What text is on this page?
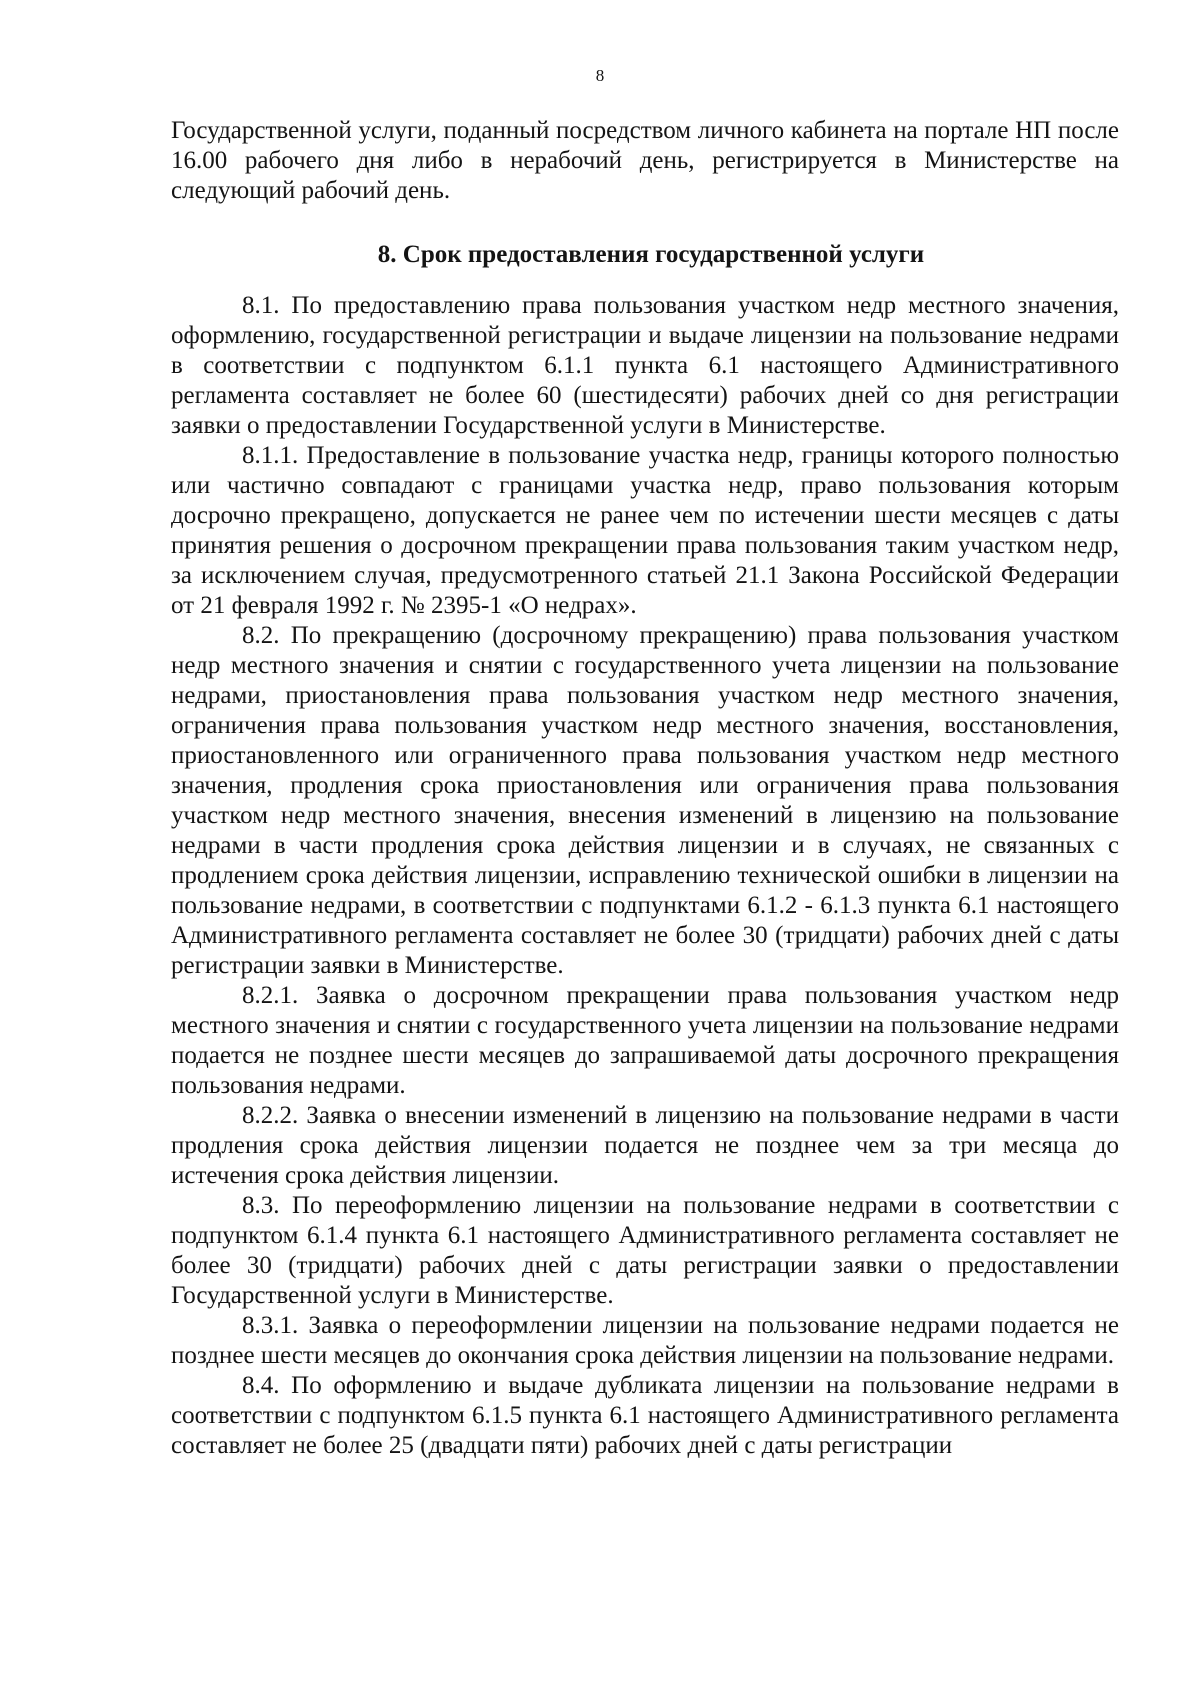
8

Государственной услуги, поданный посредством личного кабинета на портале НП после 16.00 рабочего дня либо в нерабочий день, регистрируется в Министерстве на следующий рабочий день.

8. Срок предоставления государственной услуги

8.1. По предоставлению права пользования участком недр местного значения, оформлению, государственной регистрации и выдаче лицензии на пользование недрами в соответствии с подпунктом 6.1.1 пункта 6.1 настоящего Административного регламента составляет не более 60 (шестидесяти) рабочих дней со дня регистрации заявки о предоставлении Государственной услуги в Министерстве.

8.1.1. Предоставление в пользование участка недр, границы которого полностью или частично совпадают с границами участка недр, право пользования которым досрочно прекращено, допускается не ранее чем по истечении шести месяцев с даты принятия решения о досрочном прекращении права пользования таким участком недр, за исключением случая, предусмотренного статьей 21.1 Закона Российской Федерации от 21 февраля 1992 г. № 2395-1 «О недрах».

8.2. По прекращению (досрочному прекращению) права пользования участком недр местного значения и снятии с государственного учета лицензии на пользование недрами, приостановления права пользования участком недр местного значения, ограничения права пользования участком недр местного значения, восстановления, приостановленного или ограниченного права пользования участком недр местного значения, продления срока приостановления или ограничения права пользования участком недр местного значения, внесения изменений в лицензию на пользование недрами в части продления срока действия лицензии и в случаях, не связанных с продлением срока действия лицензии, исправлению технической ошибки в лицензии на пользование недрами, в соответствии с подпунктами 6.1.2 - 6.1.3 пункта 6.1 настоящего Административного регламента составляет не более 30 (тридцати) рабочих дней с даты регистрации заявки в Министерстве.

8.2.1. Заявка о досрочном прекращении права пользования участком недр местного значения и снятии с государственного учета лицензии на пользование недрами подается не позднее шести месяцев до запрашиваемой даты досрочного прекращения пользования недрами.

8.2.2. Заявка о внесении изменений в лицензию на пользование недрами в части продления срока действия лицензии подается не позднее чем за три месяца до истечения срока действия лицензии.

8.3. По переоформлению лицензии на пользование недрами в соответствии с подпунктом 6.1.4 пункта 6.1 настоящего Административного регламента составляет не более 30 (тридцати) рабочих дней с даты регистрации заявки о предоставлении Государственной услуги в Министерстве.

8.3.1. Заявка о переоформлении лицензии на пользование недрами подается не позднее шести месяцев до окончания срока действия лицензии на пользование недрами.

8.4. По оформлению и выдаче дубликата лицензии на пользование недрами в соответствии с подпунктом 6.1.5 пункта 6.1 настоящего Административного регламента составляет не более 25 (двадцати пяти) рабочих дней с даты регистрации
